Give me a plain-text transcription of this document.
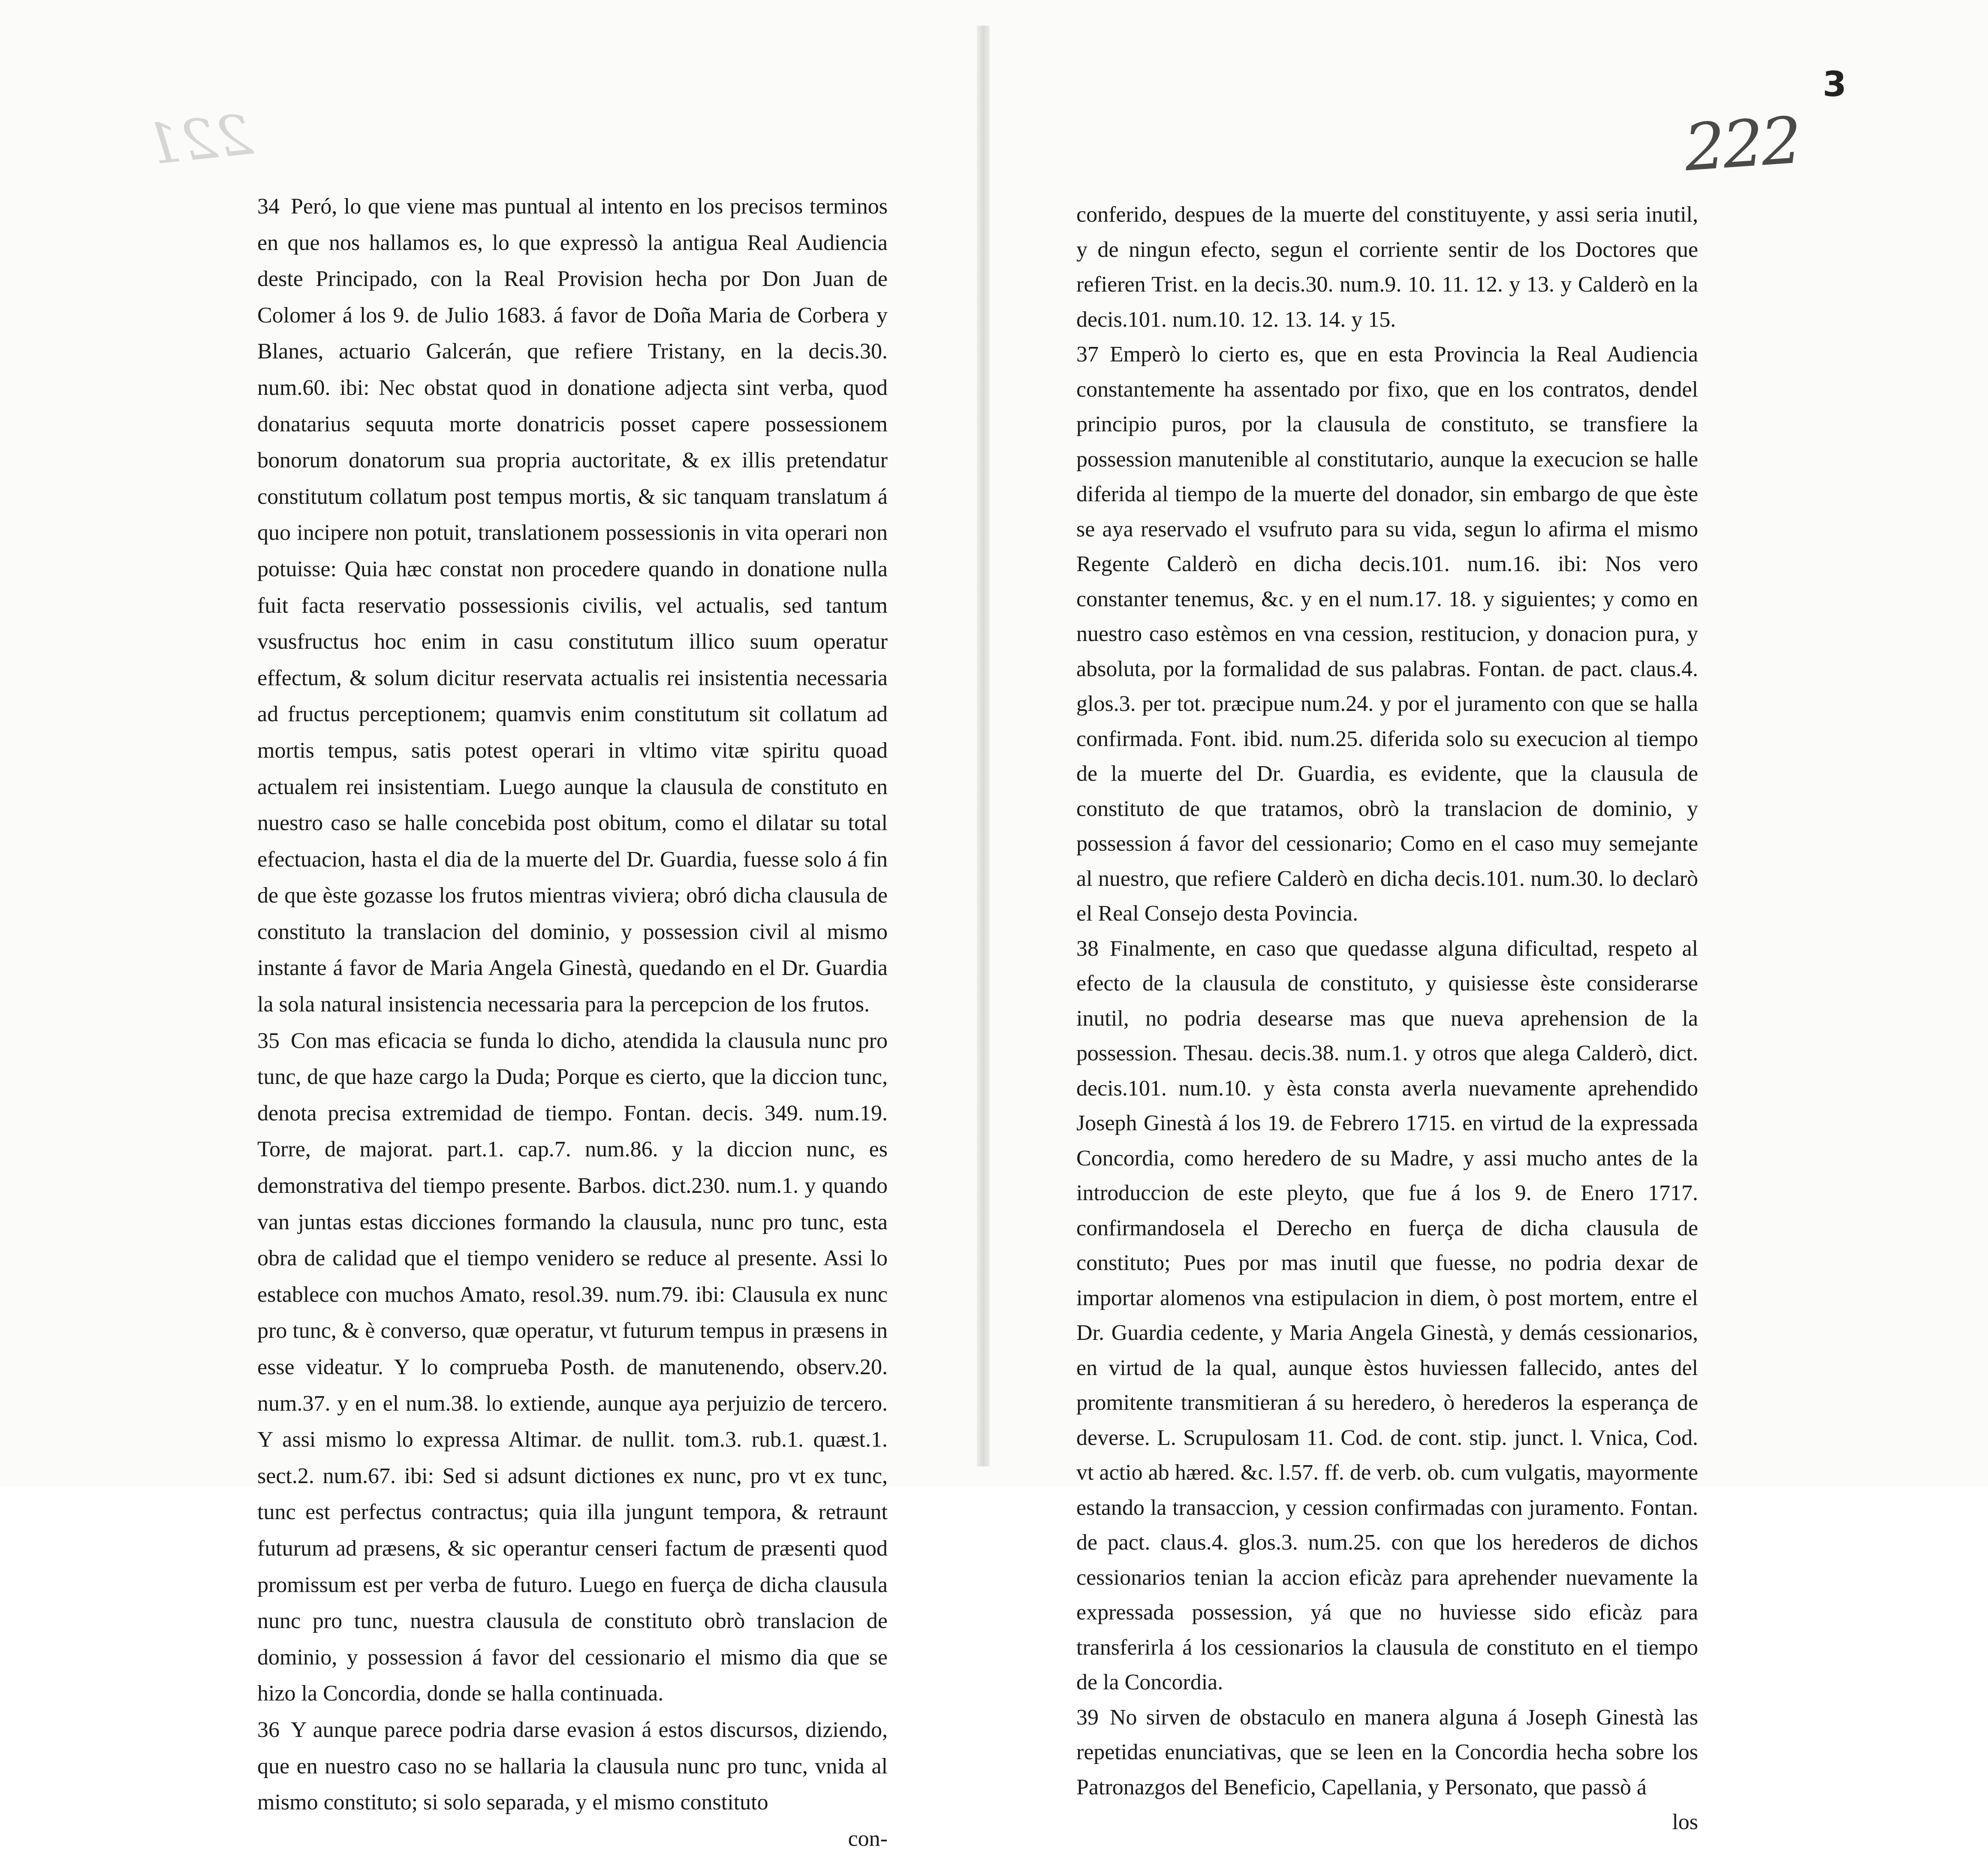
221
3
222

34 Peró, lo que viene mas puntual al intento en los precisos terminos en que nos hallamos es, lo que expressò la antigua Real Audiencia deste Principado, con la Real Provision hecha por Don Juan de Colomer á los 9. de Julio 1683. á favor de Doña Maria de Corbera y Blanes, actuario Galcerán, que refiere Tristany, en la decis.30. num.60. ibi: Nec obstat quod in donatione adjecta sint verba, quod donatarius sequuta morte donatricis posset capere possessionem bonorum donatorum sua propria auctoritate, & ex illis pretendatur constitutum collatum post tempus mortis, & sic tanquam translatum á quo incipere non potuit, translationem possessionis in vita operari non potuisse: Quia hæc constat non procedere quando in donatione nulla fuit facta reservatio possessionis civilis, vel actualis, sed tantum vsusfructus hoc enim in casu constitutum illico suum operatur effectum, & solum dicitur reservata actualis rei insistentia necessaria ad fructus perceptionem; quamvis enim constitutum sit collatum ad mortis tempus, satis potest operari in vltimo vitæ spiritu quoad actualem rei insistentiam. Luego aunque la clausula de constituto en nuestro caso se halle concebida post obitum, como el dilatar su total efectuacion, hasta el dia de la muerte del Dr. Guardia, fuesse solo á fin de que èste gozasse los frutos mientras viviera; obró dicha clausula de constituto la translacion del dominio, y possession civil al mismo instante á favor de Maria Angela Ginestà, quedando en el Dr. Guardia la sola natural insistencia necessaria para la percepcion de los frutos.

35 Con mas eficacia se funda lo dicho, atendida la clausula nunc pro tunc, de que haze cargo la Duda; Porque es cierto, que la diccion tunc, denota precisa extremidad de tiempo. Fontan. decis. 349. num.19. Torre, de majorat. part.1. cap.7. num.86. y la diccion nunc, es demonstrativa del tiempo presente. Barbos. dict.230. num.1. y quando van juntas estas dicciones formando la clausula, nunc pro tunc, esta obra de calidad que el tiempo venidero se reduce al presente. Assi lo establece con muchos Amato, resol.39. num.79. ibi: Clausula ex nunc pro tunc, & è converso, quæ operatur, vt futurum tempus in præsens in esse videatur. Y lo comprueba Posth. de manutenendo, observ.20. num.37. y en el num.38. lo extiende, aunque aya perjuizio de tercero. Y assi mismo lo expressa Altimar. de nullit. tom.3. rub.1. quæst.1. sect.2. num.67. ibi: Sed si adsunt dictiones ex nunc, pro vt ex tunc, tunc est perfectus contractus; quia illa jungunt tempora, & retraunt futurum ad præsens, & sic operantur censeri factum de præsenti quod promissum est per verba de futuro. Luego en fuerça de dicha clausula nunc pro tunc, nuestra clausula de constituto obrò translacion de dominio, y possession á favor del cessionario el mismo dia que se hizo la Concordia, donde se halla continuada.

36 Y aunque parece podria darse evasion á estos discursos, diziendo, que en nuestro caso no se hallaria la clausula nunc pro tunc, vnida al mismo constituto; si solo separada, y el mismo constituto

con-

conferido, despues de la muerte del constituyente, y assi seria inutil, y de ningun efecto, segun el corriente sentir de los Doctores que refieren Trist. en la decis.30. num.9. 10. 11. 12. y 13. y Calderò en la decis.101. num.10. 12. 13. 14. y 15.

37 Emperò lo cierto es, que en esta Provincia la Real Audiencia constantemente ha assentado por fixo, que en los contratos, dendel principio puros, por la clausula de constituto, se transfiere la possession manutenible al constitutario, aunque la execucion se halle diferida al tiempo de la muerte del donador, sin embargo de que èste se aya reservado el vsufruto para su vida, segun lo afirma el mismo Regente Calderò en dicha decis.101. num.16. ibi: Nos vero constanter tenemus, &c. y en el num.17. 18. y siguientes; y como en nuestro caso estèmos en vna cession, restitucion, y donacion pura, y absoluta, por la formalidad de sus palabras. Fontan. de pact. claus.4. glos.3. per tot. præcipue num.24. y por el juramento con que se halla confirmada. Font. ibid. num.25. diferida solo su execucion al tiempo de la muerte del Dr. Guardia, es evidente, que la clausula de constituto de que tratamos, obrò la translacion de dominio, y possession á favor del cessionario; Como en el caso muy semejante al nuestro, que refiere Calderò en dicha decis.101. num.30. lo declarò el Real Consejo desta Povincia.

38 Finalmente, en caso que quedasse alguna dificultad, respeto al efecto de la clausula de constituto, y quisiesse èste considerarse inutil, no podria desearse mas que nueva aprehension de la possession. Thesau. decis.38. num.1. y otros que alega Calderò, dict. decis.101. num.10. y èsta consta averla nuevamente aprehendido Joseph Ginestà á los 19. de Febrero 1715. en virtud de la expressada Concordia, como heredero de su Madre, y assi mucho antes de la introduccion de este pleyto, que fue á los 9. de Enero 1717. confirmandosela el Derecho en fuerça de dicha clausula de constituto; Pues por mas inutil que fuesse, no podria dexar de importar alomenos vna estipulacion in diem, ò post mortem, entre el Dr. Guardia cedente, y Maria Angela Ginestà, y demás cessionarios, en virtud de la qual, aunque èstos huviessen fallecido, antes del promitente transmitieran á su heredero, ò herederos la esperança de deverse. L. Scrupulosam 11. Cod. de cont. stip. junct. l. Vnica, Cod. vt actio ab hæred. &c. l.57. ff. de verb. ob. cum vulgatis, mayormente estando la transaccion, y cession confirmadas con juramento. Fontan. de pact. claus.4. glos.3. num.25. con que los herederos de dichos cessionarios tenian la accion eficàz para aprehender nuevamente la expressada possession, yá que no huviesse sido eficàz para transferirla á los cessionarios la clausula de constituto en el tiempo de la Concordia.

39 No sirven de obstaculo en manera alguna á Joseph Ginestà las repetidas enunciativas, que se leen en la Concordia hecha sobre los Patronazgos del Beneficio, Capellania, y Personato, que passò á

los
